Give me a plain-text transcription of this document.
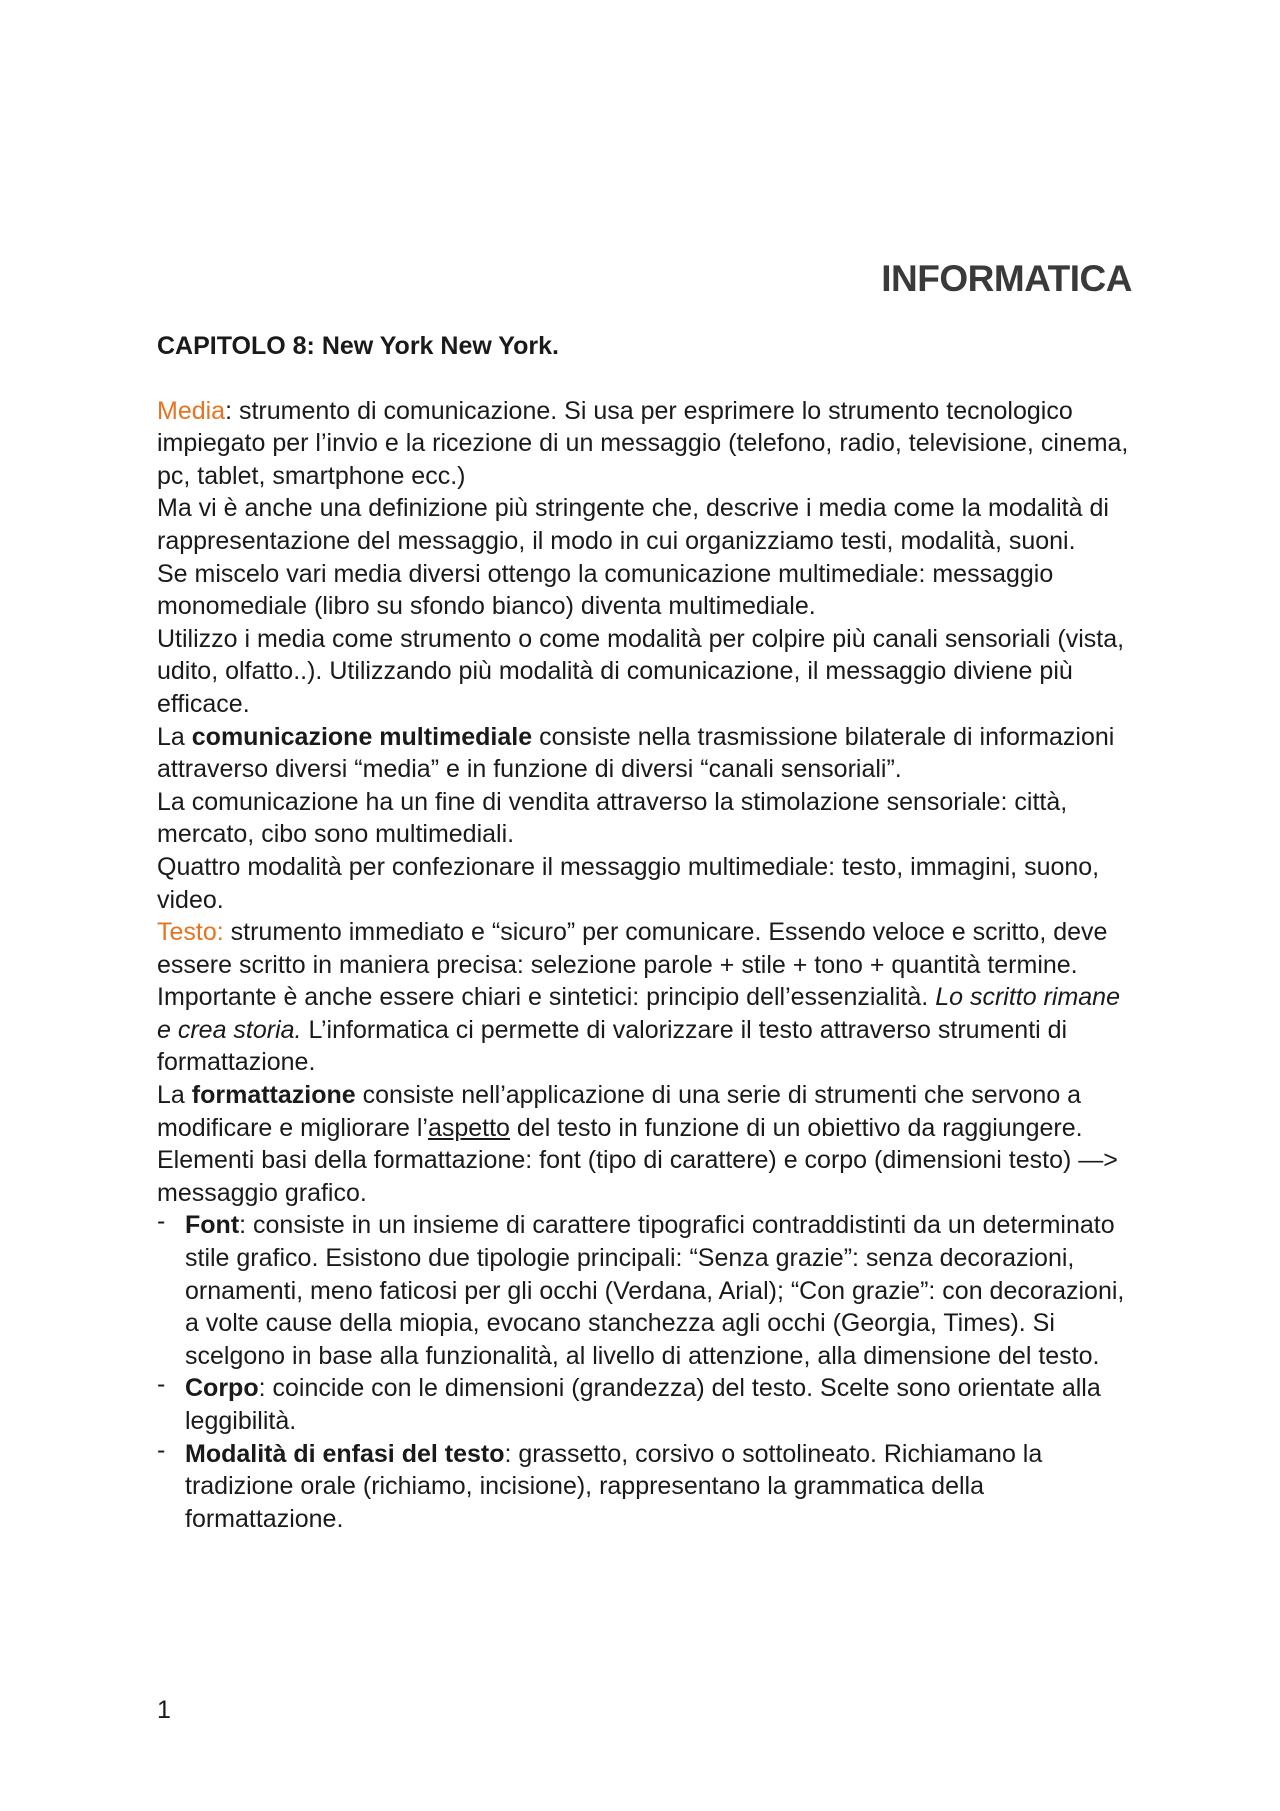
INFORMATICA

CAPITOLO 8: New York New York.

Media: strumento di comunicazione. Si usa per esprimere lo strumento tecnologico impiegato per l’invio e la ricezione di un messaggio (telefono, radio, televisione, cinema, pc, tablet, smartphone ecc.)

Ma vi è anche una definizione più stringente che, descrive i media come la modalità di rappresentazione del messaggio, il modo in cui organizziamo testi, modalità, suoni.

Se miscelo vari media diversi ottengo la comunicazione multimediale: messaggio monomediale (libro su sfondo bianco) diventa multimediale.

Utilizzo i media come strumento o come modalità per colpire più canali sensoriali (vista, udito, olfatto..). Utilizzando più modalità di comunicazione, il messaggio diviene più efficace.

La comunicazione multimediale consiste nella trasmissione bilaterale di informazioni attraverso diversi “media” e in funzione di diversi “canali sensoriali”.

La comunicazione ha un fine di vendita attraverso la stimolazione sensoriale: città, mercato, cibo sono multimediali.

Quattro modalità per confezionare il messaggio multimediale: testo, immagini, suono, video.

Testo: strumento immediato e “sicuro” per comunicare. Essendo veloce e scritto, deve essere scritto in maniera precisa: selezione parole + stile + tono + quantità termine. Importante è anche essere chiari e sintetici: principio dell’essenzialità. Lo scritto rimane e crea storia. L’informatica ci permette di valorizzare il testo attraverso strumenti di formattazione.

La formattazione consiste nell’applicazione di una serie di strumenti che servono a modificare e migliorare l’aspetto del testo in funzione di un obiettivo da raggiungere. Elementi basi della formattazione: font (tipo di carattere) e corpo (dimensioni testo) —> messaggio grafico.

- Font: consiste in un insieme di carattere tipografici contraddistinti da un determinato stile grafico. Esistono due tipologie principali: “Senza grazie”: senza decorazioni, ornamenti, meno faticosi per gli occhi (Verdana, Arial); “Con grazie”: con decorazioni, a volte cause della miopia, evocano stanchezza agli occhi (Georgia, Times). Si scelgono in base alla funzionalità, al livello di attenzione, alla dimensione del testo.
- Corpo: coincide con le dimensioni (grandezza) del testo. Scelte sono orientate alla leggibilità.
- Modalità di enfasi del testo: grassetto, corsivo o sottolineato. Richiamano la tradizione orale (richiamo, incisione), rappresentano la grammatica della formattazione.
1
